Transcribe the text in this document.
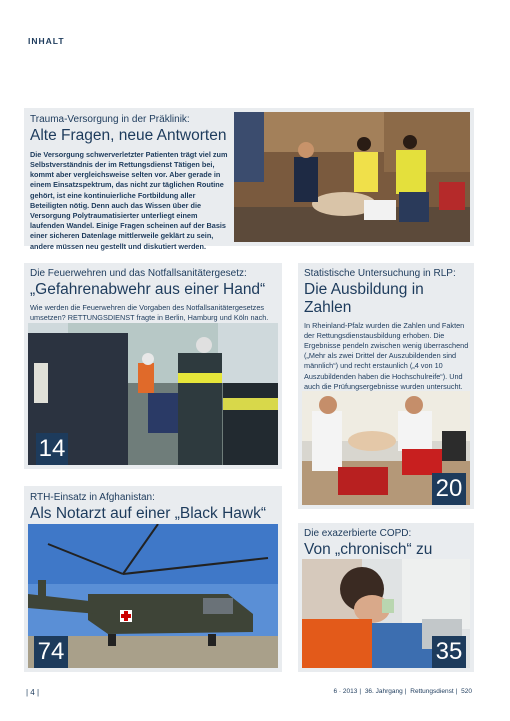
INHALT
Trauma-Versorgung in der Präklinik:
Alte Fragen, neue Antworten
Die Versorgung schwerverletzter Patienten trägt viel zum Selbstverständnis der im Rettungsdienst Tätigen bei, kommt aber vergleichsweise selten vor. Aber gerade in einem Einsatzspektrum, das nicht zur täglichen Routine gehört, ist eine kontinuierliche Fortbildung aller Beteiligten nötig. Denn auch das Wissen über die Versorgung Polytraumatisierter unterliegt einem laufenden Wandel. Einige Fragen scheinen auf der Basis einer sicheren Datenlage mittlerweile geklärt zu sein, andere müssen neu gestellt und diskutiert werden.
Die Feuerwehren und das Notfallsanitätergesetz:
„Gefahrenabwehr aus einer Hand“
Wie werden die Feuerwehren die Vorgaben des Notfallsanitätergesetzes umsetzen? RETTUNGSDIENST fragte in Berlin, Hamburg und Köln nach.
14
Statistische Untersuchung in RLP:
Die Ausbildung in Zahlen
In Rheinland-Pfalz wurden die Zahlen und Fakten der Rettungsdienstausbildung erhoben. Die Ergebnisse pendeln zwischen wenig überraschend („Mehr als zwei Drittel der Auszubildenden sind männlich“) und recht erstaunlich („4 von 10 Auszubildenden haben die Hochschulreife“). Und auch die Prüfungsergebnisse wurden untersucht.
20
RTH-Einsatz in Afghanistan:
Als Notarzt auf einer „Black Hawk“
74
Die exazerbierte COPD:
Von „chronisch“ zu
35
| 4 |	6 · 2013 | 36. Jahrgang | Rettungsdienst | 520
